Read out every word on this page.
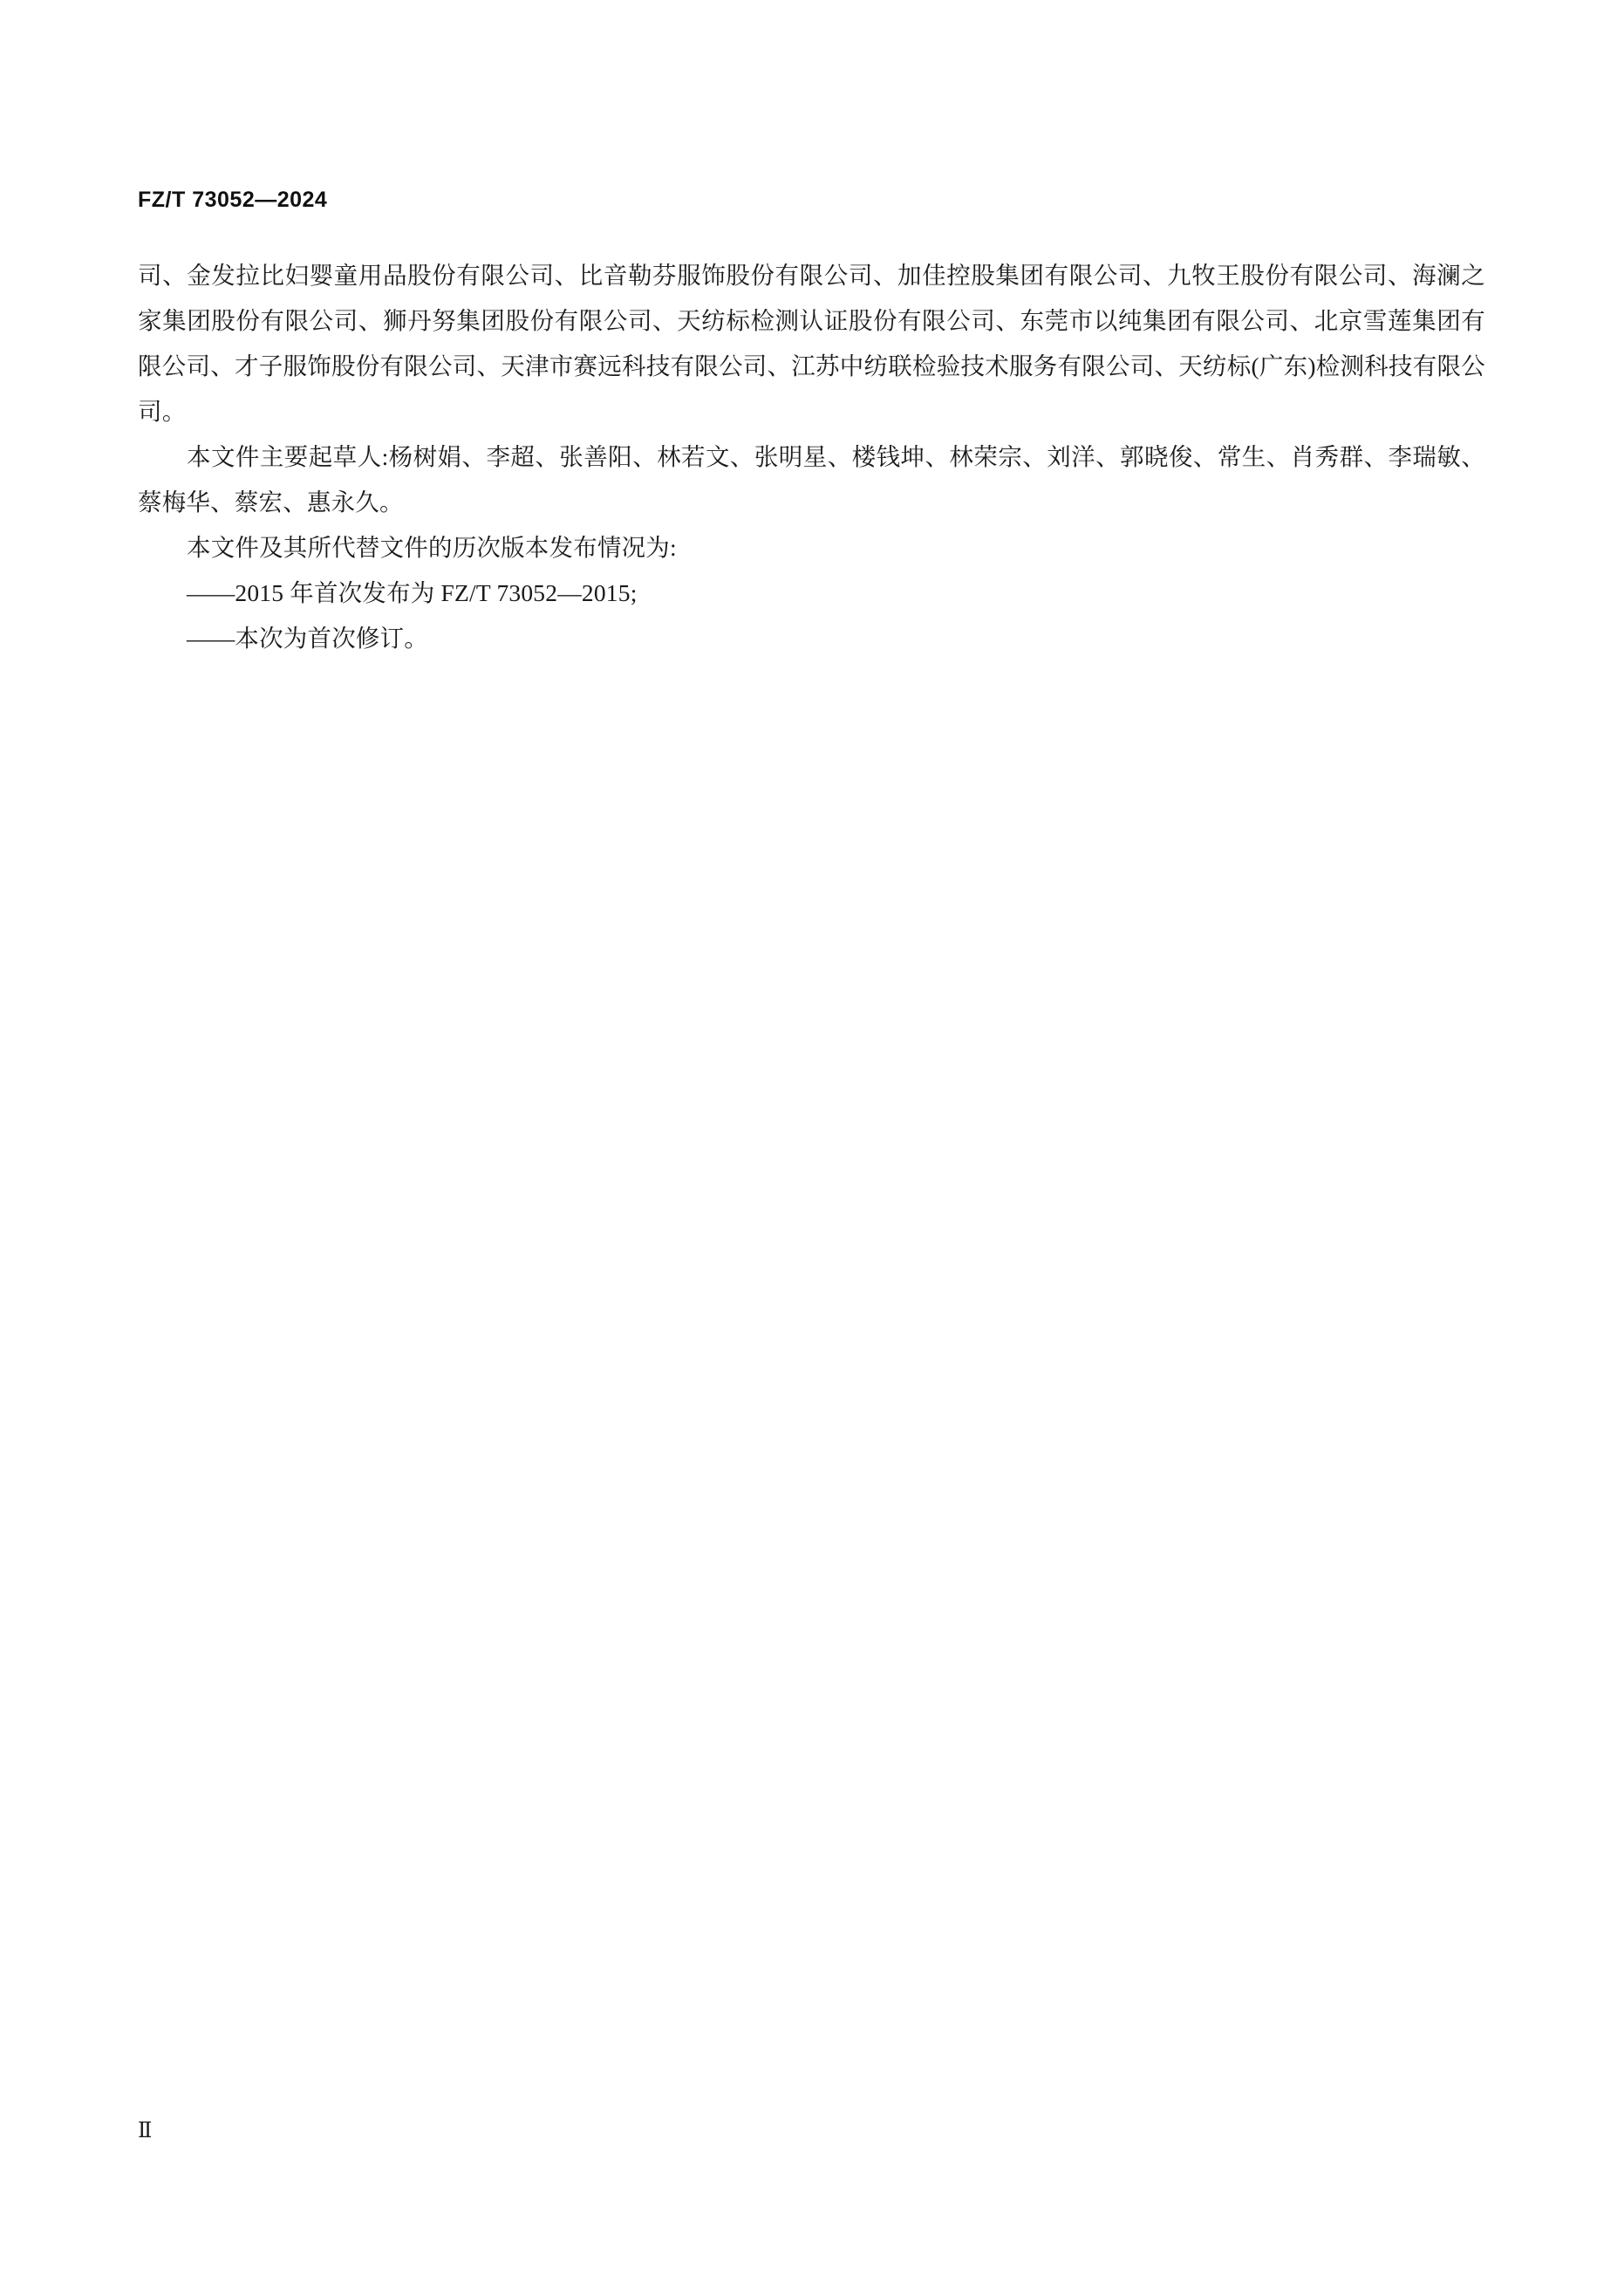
FZ/T 73052—2024

司、金发拉比妇婴童用品股份有限公司、比音勒芬服饰股份有限公司、加佳控股集团有限公司、九牧王股份有限公司、海澜之家集团股份有限公司、狮丹努集团股份有限公司、天纺标检测认证股份有限公司、东莞市以纯集团有限公司、北京雪莲集团有限公司、才子服饰股份有限公司、天津市赛远科技有限公司、江苏中纺联检验技术服务有限公司、天纺标(广东)检测科技有限公司。

本文件主要起草人:杨树娟、李超、张善阳、林若文、张明星、楼钱坤、林荣宗、刘洋、郭晓俊、常生、肖秀群、李瑞敏、蔡梅华、蔡宏、惠永久。

本文件及其所代替文件的历次版本发布情况为:

——2015 年首次发布为 FZ/T 73052—2015;

——本次为首次修订。

Ⅱ
